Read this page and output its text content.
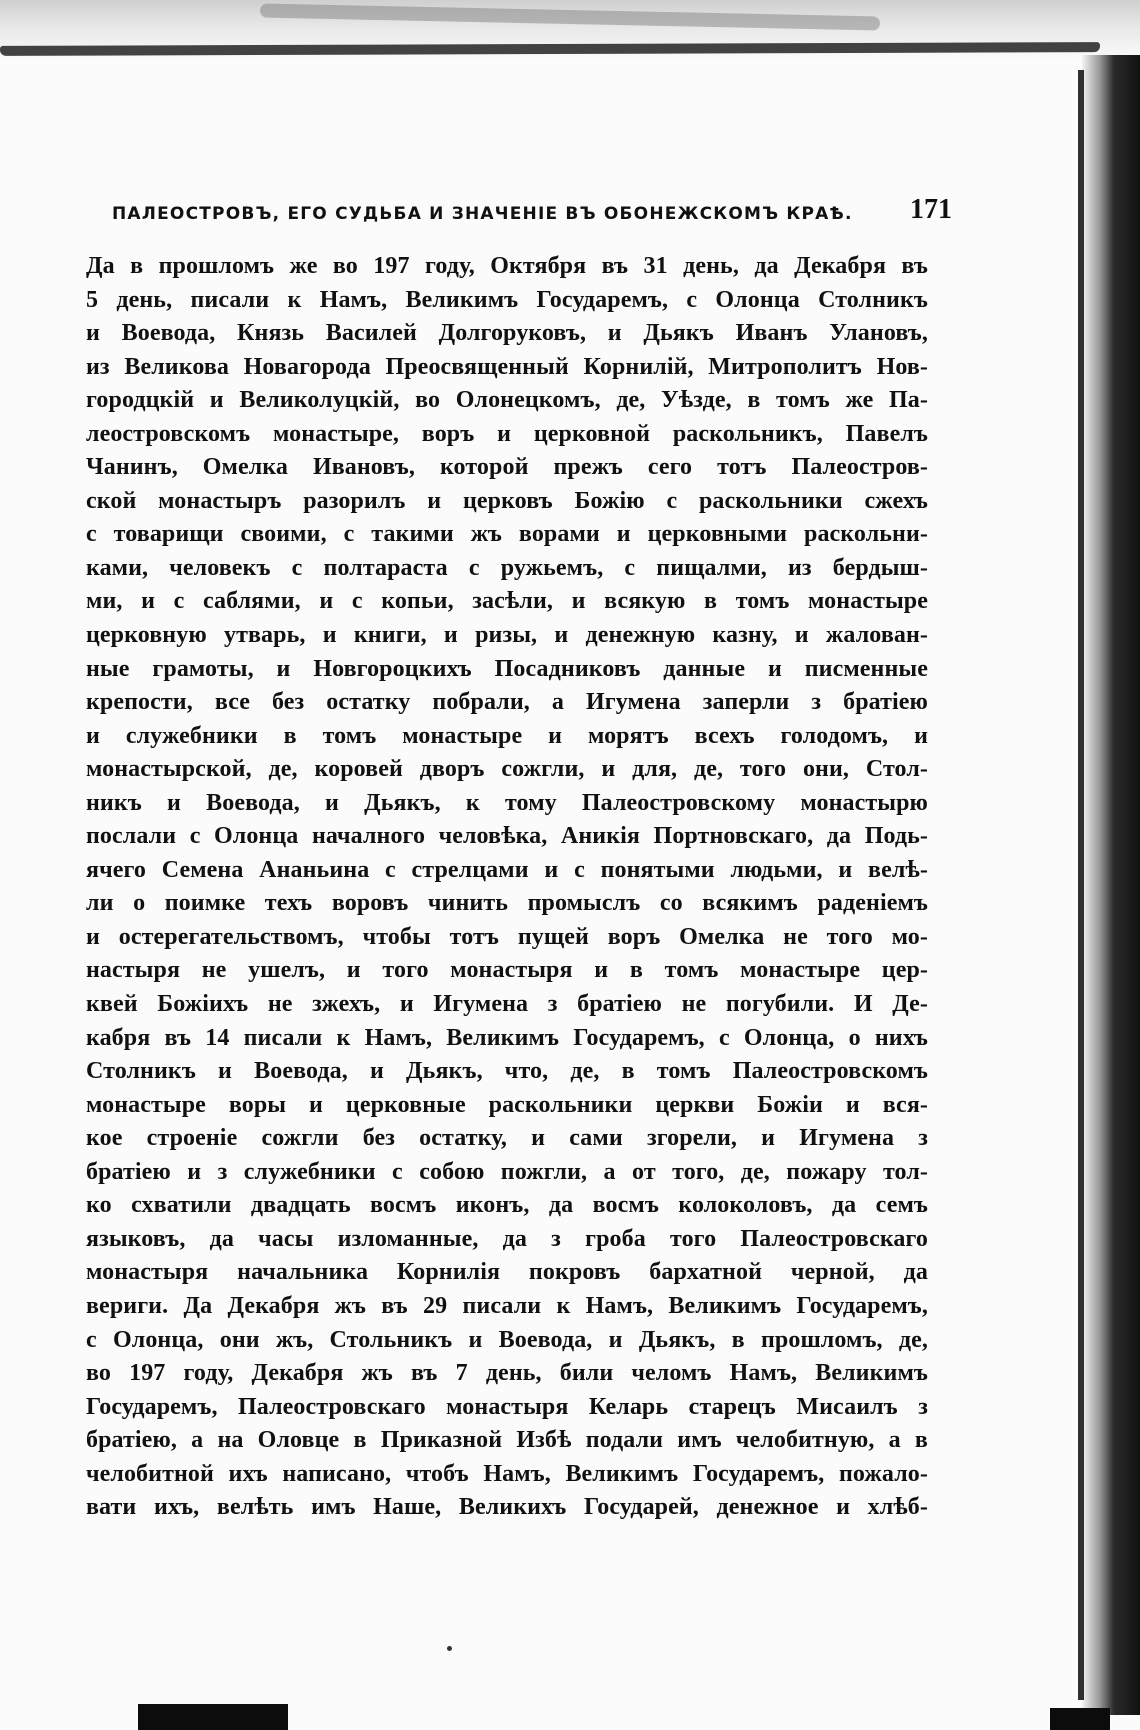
ПАЛЕОСТРОВЪ, ЕГО СУДЬБА И ЗНАЧЕНІЕ ВЪ ОБОНЕЖСКОМЪ КРАѢ. 171
Да в прошломъ же во 197 году, Октября въ 31 день, да Декабря въ
5 день, писали к Намъ, Великимъ Государемъ, с Олонца Столникъ
и Воевода, Князь Василей Долгоруковъ, и Дьякъ Иванъ Улановъ,
из Великова Новагорода Преосвященный Корнилій, Митрополитъ Нов-
городцкій и Великолуцкій, во Олонецкомъ, де, Уѣзде, в томъ же Па-
леостровскомъ монастыре, воръ и церковной раскольникъ, Павелъ
Чанинъ, Омелка Ивановъ, которой прежъ сего тотъ Палеостров-
ской монастыръ разорилъ и церковъ Божію с раскольники сжехъ
с товарищи своими, с такими жъ ворами и церковными раскольни-
ками, человекъ с полтараста с ружьемъ, с пищалми, из бердыш-
ми, и с саблями, и с копьи, засѣли, и всякую в томъ монастыре
церковную утварь, и книги, и ризы, и денежную казну, и жалован-
ные грамоты, и Новгороцкихъ Посадниковъ данные и писменные
крепости, все без остатку побрали, а Игумена заперли з братіею
и служебники в томъ монастыре и морятъ всехъ голодомъ, и
монастырской, де, коровей дворъ сожгли, и для, де, того они, Стол-
никъ и Воевода, и Дьякъ, к тому Палеостровскому монастырю
послали с Олонца началного человѣка, Аникія Портновскаго, да Подь-
ячего Семена Ананьина с стрелцами и с понятыми людьми, и велѣ-
ли о поимке техъ воровъ чинить промыслъ со всякимъ раденіемъ
и остерегательствомъ, чтобы тотъ пущей воръ Омелка не того мо-
настыря не ушелъ, и того монастыря и в томъ монастыре цер-
квей Божіихъ не зжехъ, и Игумена з братіею не погубили. И Де-
кабря въ 14 писали к Намъ, Великимъ Государемъ, с Олонца, о нихъ
Столникъ и Воевода, и Дьякъ, что, де, в томъ Палеостровскомъ
монастыре воры и церковные раскольники церкви Божіи и вся-
кое строеніе сожгли без остатку, и сами згорели, и Игумена з
братіею и з служебники с собою пожгли, а от того, де, пожару тол-
ко схватили двадцать восмъ иконъ, да восмъ колоколовъ, да семъ
языковъ, да часы изломанные, да з гроба того Палеостровскаго
монастыря начальника Корнилія покровъ бархатной черной, да
вериги. Да Декабря жъ въ 29 писали к Намъ, Великимъ Государемъ,
с Олонца, они жъ, Стольникъ и Воевода, и Дьякъ, в прошломъ, де,
во 197 году, Декабря жъ въ 7 день, били челомъ Намъ, Великимъ
Государемъ, Палеостровскаго монастыря Келарь старецъ Мисаилъ з
братіею, а на Оловце в Приказной Избѣ подали имъ челобитную, а в
челобитной ихъ написано, чтобъ Намъ, Великимъ Государемъ, пожало-
вати ихъ, велѣть имъ Наше, Великихъ Государей, денежное и хлѣб-
